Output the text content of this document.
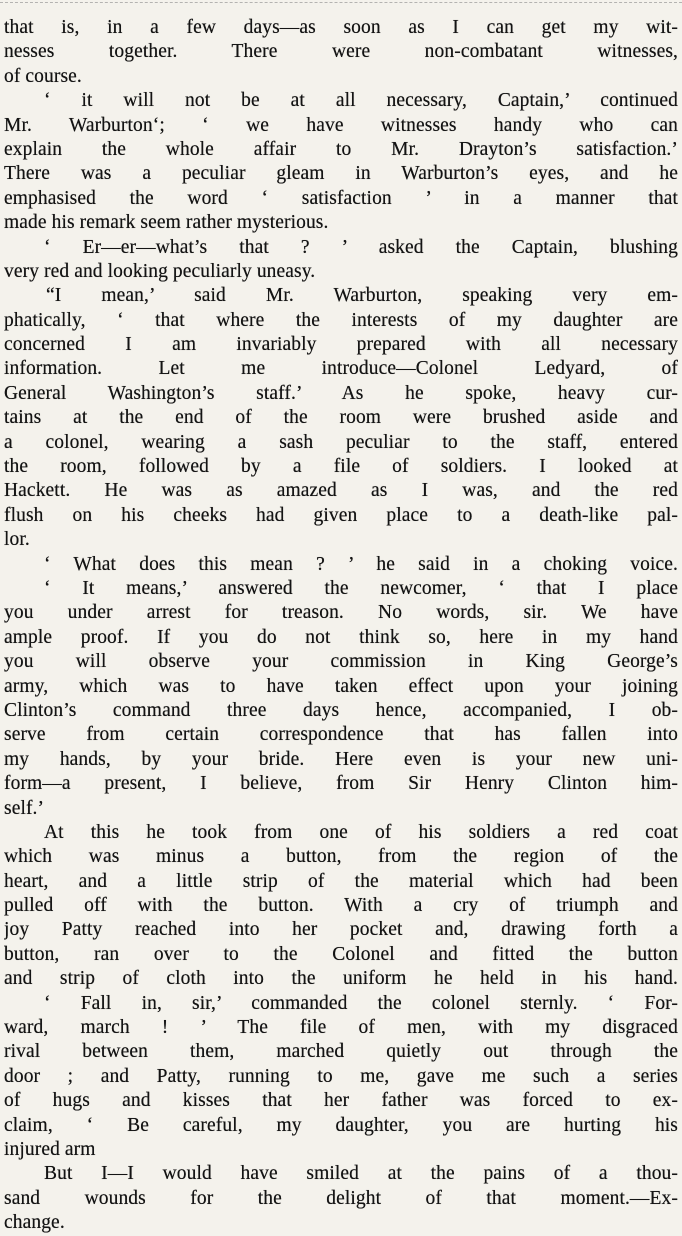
that is, in a few days—as soon as I can get my wit-
nesses together. There were non-combatant witnesses,
of course.
‘ it will not be at all necessary, Captain,’ continued
Mr. Warburton‘; ‘ we have witnesses handy who can
explain the whole affair to Mr. Drayton’s satisfaction.’
There was a peculiar gleam in Warburton’s eyes, and he
emphasised the word ‘ satisfaction ’ in a manner that
made his remark seem rather mysterious.
‘ Er—er—what’s that ? ’ asked the Captain, blushing
very red and looking peculiarly uneasy.
“I mean,’ said Mr. Warburton, speaking very em-
phatically, ‘ that where the interests of my daughter are
concerned I am invariably prepared with all necessary
information. Let me introduce—Colonel Ledyard, of
General Washington’s staff.’ As he spoke, heavy cur-
tains at the end of the room were brushed aside and
a colonel, wearing a sash peculiar to the staff, entered
the room, followed by a file of soldiers. I looked at
Hackett. He was as amazed as I was, and the red
flush on his cheeks had given place to a death-like pal-
lor.
‘ What does this mean ? ’ he said in a choking voice.
‘ It means,’ answered the newcomer, ‘ that I place
you under arrest for treason. No words, sir. We have
ample proof. If you do not think so, here in my hand
you will observe your commission in King George’s
army, which was to have taken effect upon your joining
Clinton’s command three days hence, accompanied, I ob-
serve from certain correspondence that has fallen into
my hands, by your bride. Here even is your new uni-
form—a present, I believe, from Sir Henry Clinton him-
self.’
At this he took from one of his soldiers a red coat
which was minus a button, from the region of the
heart, and a little strip of the material which had been
pulled off with the button. With a cry of triumph and
joy Patty reached into her pocket and, drawing forth a
button, ran over to the Colonel and fitted the button
and strip of cloth into the uniform he held in his hand.
‘ Fall in, sir,’ commanded the colonel sternly. ‘ For-
ward, march ! ’ The file of men, with my disgraced
rival between them, marched quietly out through the
door ; and Patty, running to me, gave me such a series
of hugs and kisses that her father was forced to ex-
claim, ‘ Be careful, my daughter, you are hurting his
injured arm
But I—I would have smiled at the pains of a thou-
sand wounds for the delight of that moment.—Ex-
change.
